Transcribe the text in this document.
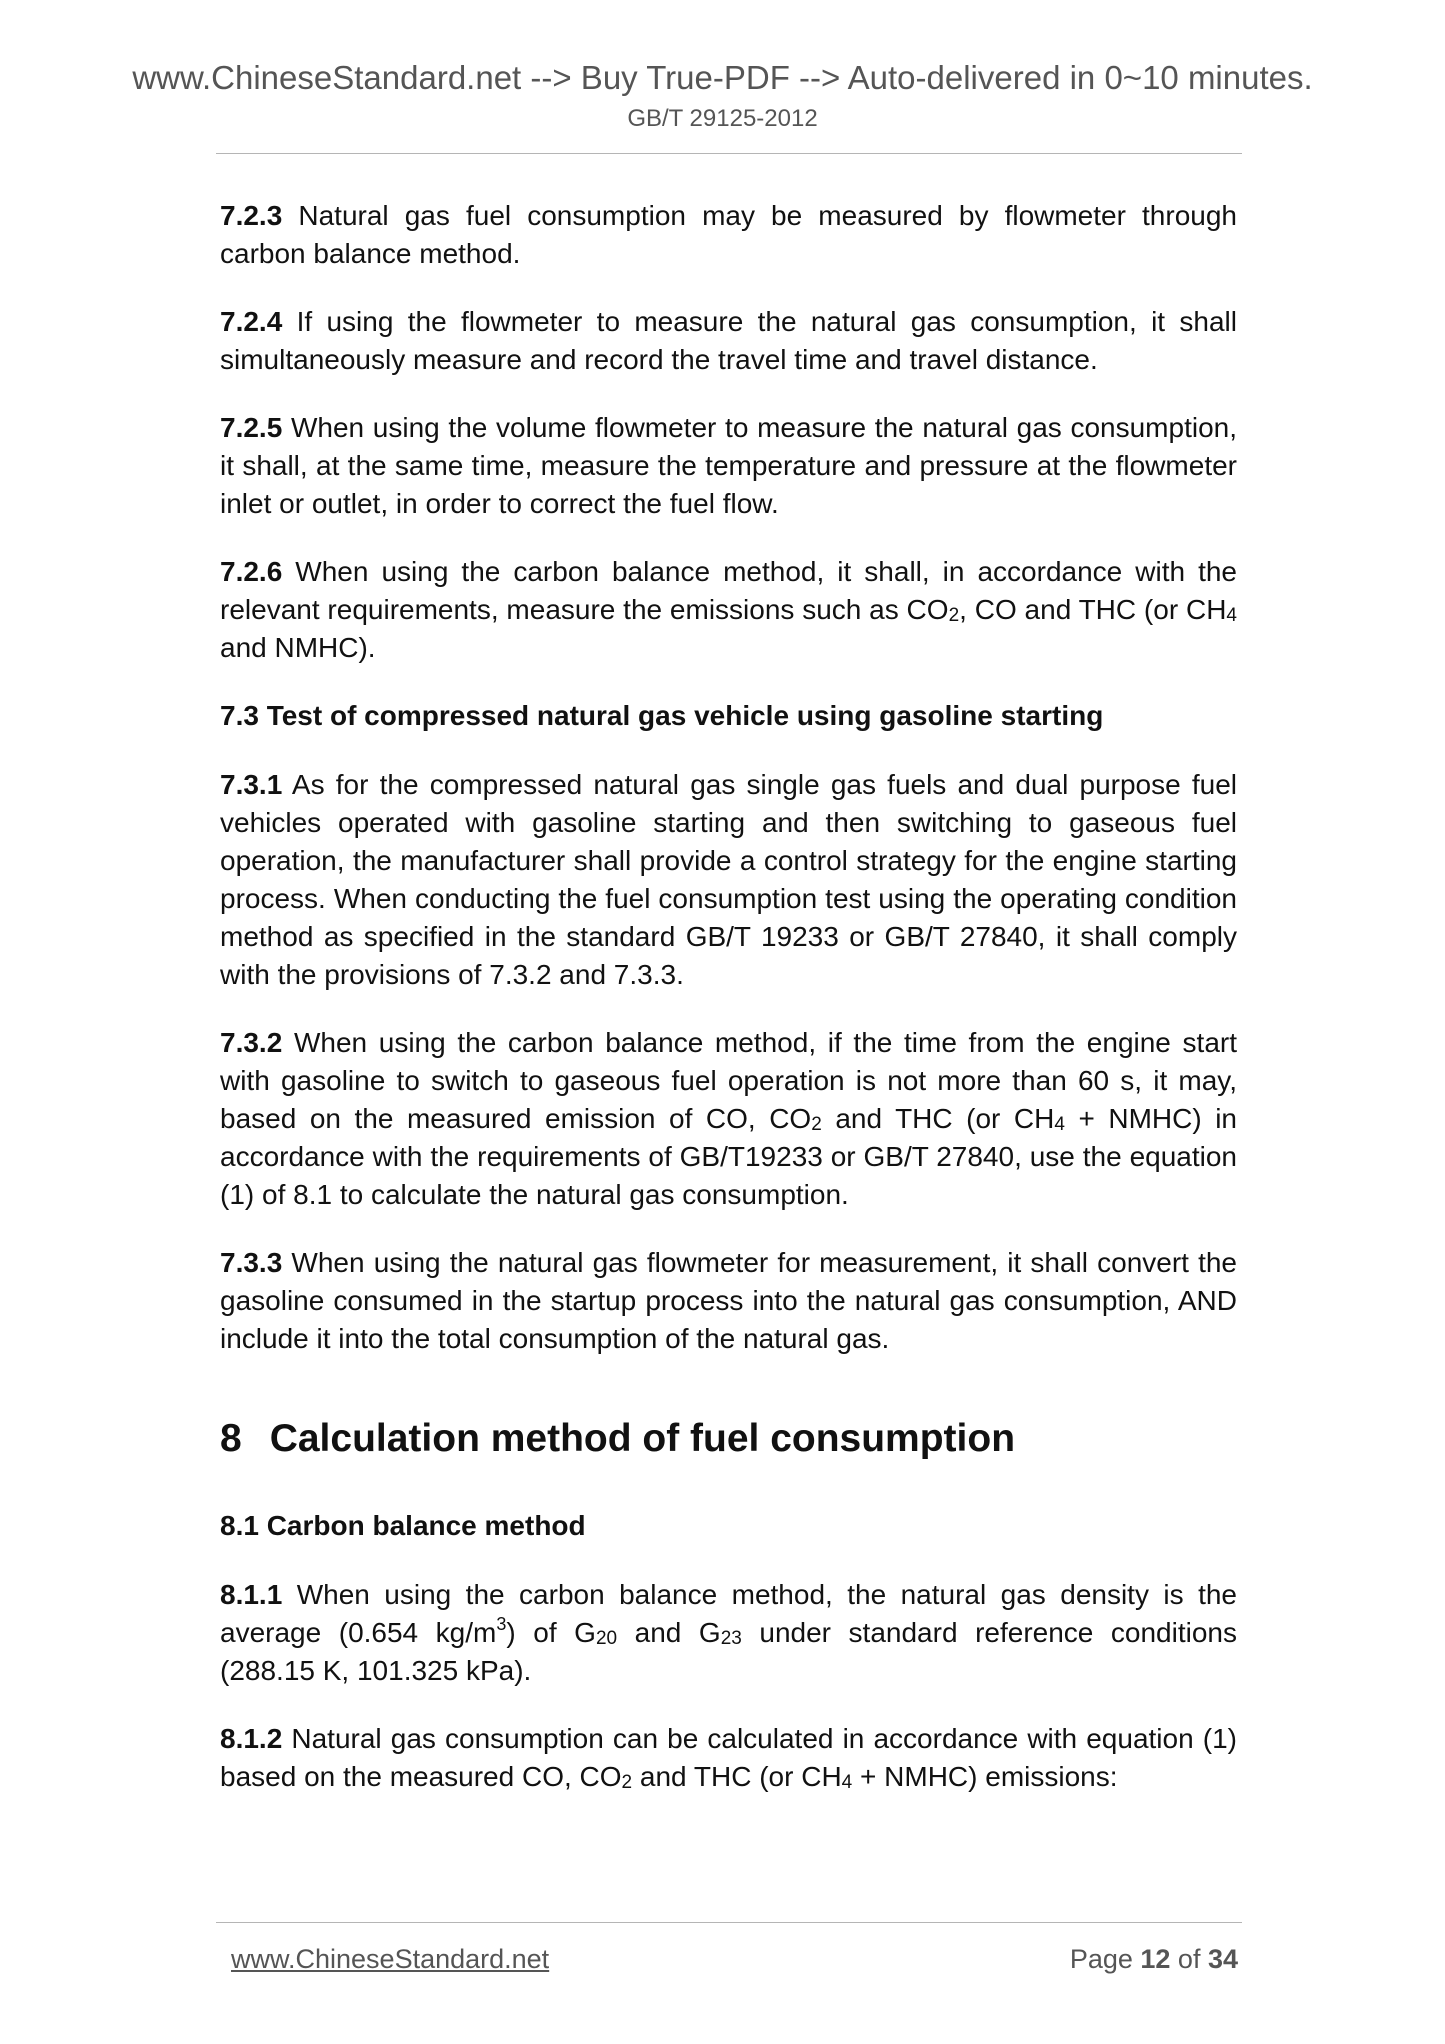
www.ChineseStandard.net --> Buy True-PDF --> Auto-delivered in 0~10 minutes.
GB/T 29125-2012

7.2.3 Natural gas fuel consumption may be measured by flowmeter through carbon balance method.

7.2.4 If using the flowmeter to measure the natural gas consumption, it shall simultaneously measure and record the travel time and travel distance.

7.2.5 When using the volume flowmeter to measure the natural gas consumption, it shall, at the same time, measure the temperature and pressure at the flowmeter inlet or outlet, in order to correct the fuel flow.

7.2.6 When using the carbon balance method, it shall, in accordance with the relevant requirements, measure the emissions such as $CO_2$, CO and THC (or $CH_4$ and NMHC).

7.3 Test of compressed natural gas vehicle using gasoline starting

7.3.1 As for the compressed natural gas single gas fuels and dual purpose fuel vehicles operated with gasoline starting and then switching to gaseous fuel operation, the manufacturer shall provide a control strategy for the engine starting process. When conducting the fuel consumption test using the operating condition method as specified in the standard GB/T 19233 or GB/T 27840, it shall comply with the provisions of 7.3.2 and 7.3.3.

7.3.2 When using the carbon balance method, if the time from the engine start with gasoline to switch to gaseous fuel operation is not more than 60 s, it may, based on the measured emission of CO, $CO_2$ and THC (or $CH_4$ + NMHC) in accordance with the requirements of GB/T19233 or GB/T 27840, use the equation (1) of 8.1 to calculate the natural gas consumption.

7.3.3 When using the natural gas flowmeter for measurement, it shall convert the gasoline consumed in the startup process into the natural gas consumption, AND include it into the total consumption of the natural gas.

8 Calculation method of fuel consumption
8.1 Carbon balance method

8.1.1 When using the carbon balance method, the natural gas density is the average (0.654 $kg/m^3$) of $G_{20}$ and $G_{23}$ under standard reference conditions (288.15 K, 101.325 kPa).

8.1.2 Natural gas consumption can be calculated in accordance with equation (1) based on the measured CO, $CO_2$ and THC (or $CH_4$ + NMHC) emissions:

www.ChineseStandard.net	Page 12 of 34
